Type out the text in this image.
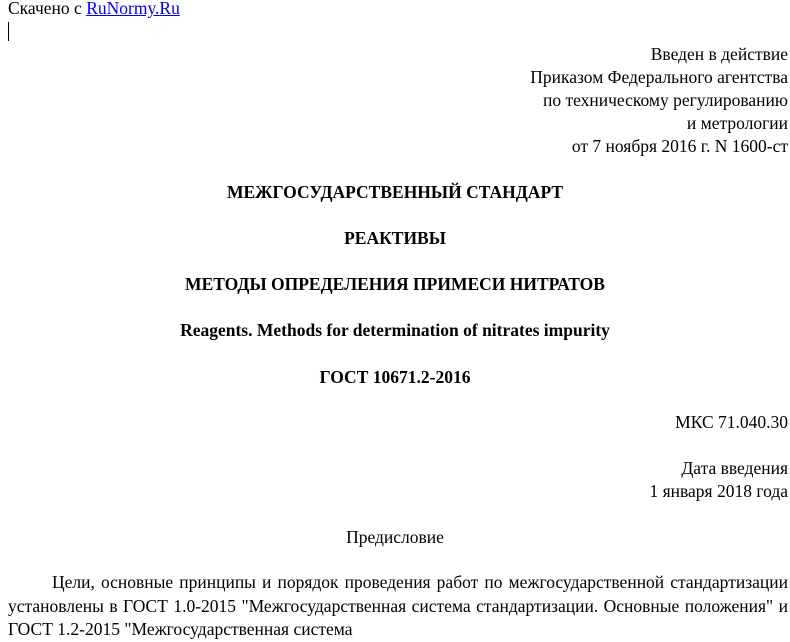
Скачено с RuNormy.Ru
Введен в действие
Приказом Федерального агентства
по техническому регулированию
и метрологии
от 7 ноября 2016 г. N 1600-ст
МЕЖГОСУДАРСТВЕННЫЙ СТАНДАРТ
РЕАКТИВЫ
МЕТОДЫ ОПРЕДЕЛЕНИЯ ПРИМЕСИ НИТРАТОВ
Reagents. Methods for determination of nitrates impurity
ГОСТ 10671.2-2016
МКС 71.040.30
Дата введения
1 января 2018 года
Предисловие
Цели, основные принципы и порядок проведения работ по межгосударственной стандартизации установлены в ГОСТ 1.0-2015 "Межгосударственная система стандартизации. Основные положения" и ГОСТ 1.2-2015 "Межгосударственная система
